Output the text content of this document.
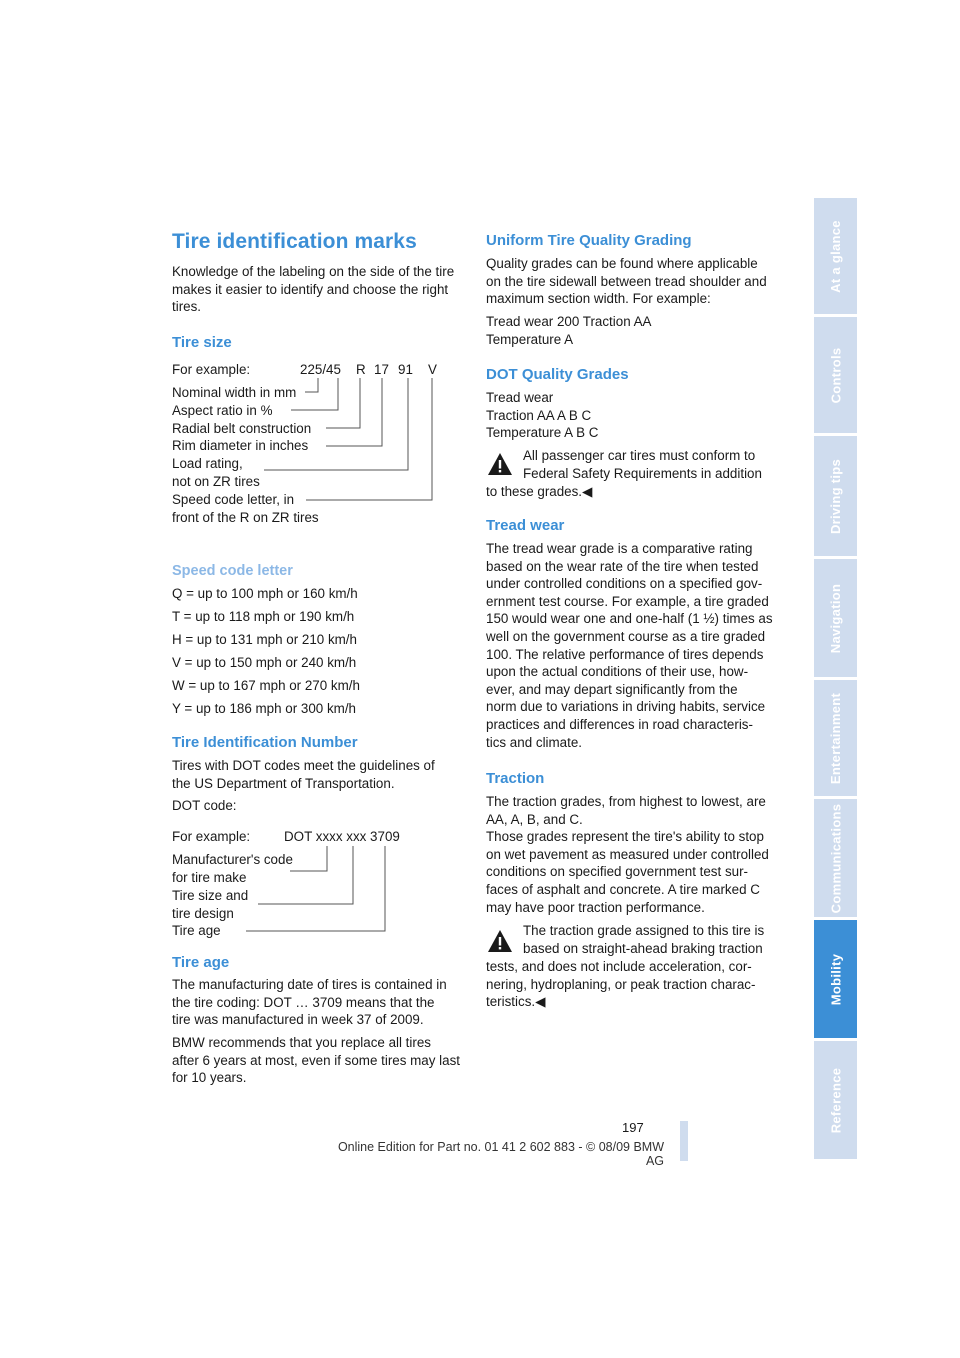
At a glance
Controls
Driving tips
Navigation
Entertainment
Communications
Mobility
Reference
Tire identification marks
Knowledge of the labeling on the side of the tire
makes it easier to identify and choose the right
tires.
Tire size
For example:	225/45 R 17 91 V
Nominal width in mm
Aspect ratio in %
Radial belt construction
Rim diameter in inches
Load rating,
not on ZR tires
Speed code letter, in
front of the R on ZR tires
Speed code letter
Q = up to 100 mph or 160 km/h
T = up to 118 mph or 190 km/h
H = up to 131 mph or 210 km/h
V = up to 150 mph or 240 km/h
W = up to 167 mph or 270 km/h
Y = up to 186 mph or 300 km/h
Tire Identification Number
Tires with DOT codes meet the guidelines of
the US Department of Transportation.
DOT code:
For example:	DOT xxxx xxx 3709
Manufacturer's code
for tire make
Tire size and
tire design
Tire age
Tire age
The manufacturing date of tires is contained in
the tire coding: DOT … 3709 means that the
tire was manufactured in week 37 of 2009.
BMW recommends that you replace all tires
after 6 years at most, even if some tires may last
for 10 years.
Uniform Tire Quality Grading
Quality grades can be found where applicable
on the tire sidewall between tread shoulder and
maximum section width. For example:
Tread wear 200 Traction AA
Temperature A
DOT Quality Grades
Tread wear
Traction AA A B C
Temperature A B C
All passenger car tires must conform to
Federal Safety Requirements in addition
to these grades.◀
Tread wear
The tread wear grade is a comparative rating
based on the wear rate of the tire when tested
under controlled conditions on a specified gov-
ernment test course. For example, a tire graded
150 would wear one and one-half (1 ½) times as
well on the government course as a tire graded
100. The relative performance of tires depends
upon the actual conditions of their use, how-
ever, and may depart significantly from the
norm due to variations in driving habits, service
practices and differences in road characteris-
tics and climate.
Traction
The traction grades, from highest to lowest, are
AA, A, B, and C.
Those grades represent the tire's ability to stop
on wet pavement as measured under controlled
conditions on specified government test sur-
faces of asphalt and concrete. A tire marked C
may have poor traction performance.
The traction grade assigned to this tire is
based on straight-ahead braking traction
tests, and does not include acceleration, cor-
nering, hydroplaning, or peak traction charac-
teristics.◀
197
Online Edition for Part no. 01 41 2 602 883 - © 08/09 BMW AG
